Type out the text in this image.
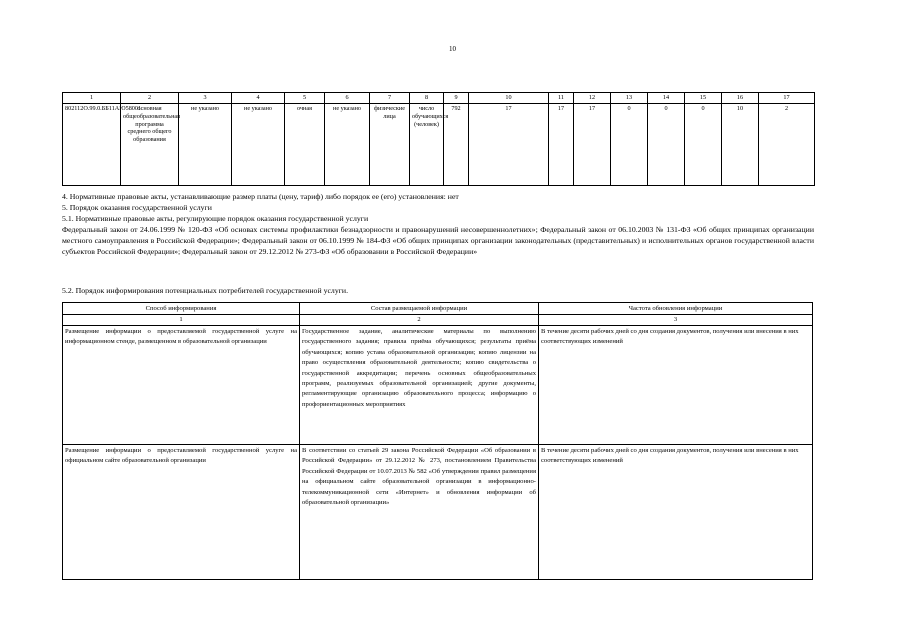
10
1	2	3	4	5	6	7	8	9	10	11	12	13	14	15	16	17
802112О.99.0.ББ11АЮ58001	основная общеобразовательная программа среднего общего образования	не указано	не указано	очная	не указано	физические лица	число обучающихся (человек)	792	17	17	17	0	0	0	10	2
4. Нормативные правовые акты, устанавливающие размер платы (цену, тариф) либо порядок ее (его) установления: нет
5. Порядок оказания государственной услуги
5.1. Нормативные правовые акты, регулирующие порядок оказания государственной услуги
Федеральный закон от 24.06.1999 № 120-ФЗ «Об основах системы профилактики безнадзорности и правонарушений несовершеннолетних»; Федеральный закон от 06.10.2003 № 131-ФЗ «Об общих принципах организации местного самоуправления в Российской Федерации»; Федеральный закон от 06.10.1999 № 184-ФЗ «Об общих принципах организации законодательных (представительных) и исполнительных органов государственной власти субъектов Российской Федерации»; Федеральный закон от 29.12.2012 № 273-ФЗ «Об образовании в Российской Федерации»
5.2. Порядок информирования потенциальных потребителей государственной услуги.
Способ информирования	Состав размещаемой информации	Частота обновления информации
1	2	3
Размещение информации о предоставляемой государственной услуге на информационном стенде, размещенном в образовательной организации	Государственное задание, аналитические материалы по выполнению государственного задания; правила приёма обучающихся; результаты приёма обучающихся; копию устава образовательной организации; копию лицензии на право осуществления образовательной деятельности; копию свидетельства о государственной аккредитации; перечень основных общеобразовательных программ, реализуемых образовательной организацией; другие документы, регламентирующие организацию образовательного процесса; информацию о профориентационных мероприятиях	В течение десяти рабочих дней со дня создания документов, получения или внесения в них соответствующих изменений
Размещение информации о предоставляемой государственной услуге на официальном сайте образовательной организации	В соответствии со статьей 29 закона Российской Федерации «Об образовании в Российской Федерации» от 29.12.2012 № 273, постановлением Правительства Российской Федерации от 10.07.2013 № 582 «Об утверждении правил размещения на официальном сайте образовательной организации в информационно-телекоммуникационной сети «Интернет» и обновления информации об образовательной организации»	В течение десяти рабочих дней со дня создания документов, получения или внесения в них соответствующих изменений
